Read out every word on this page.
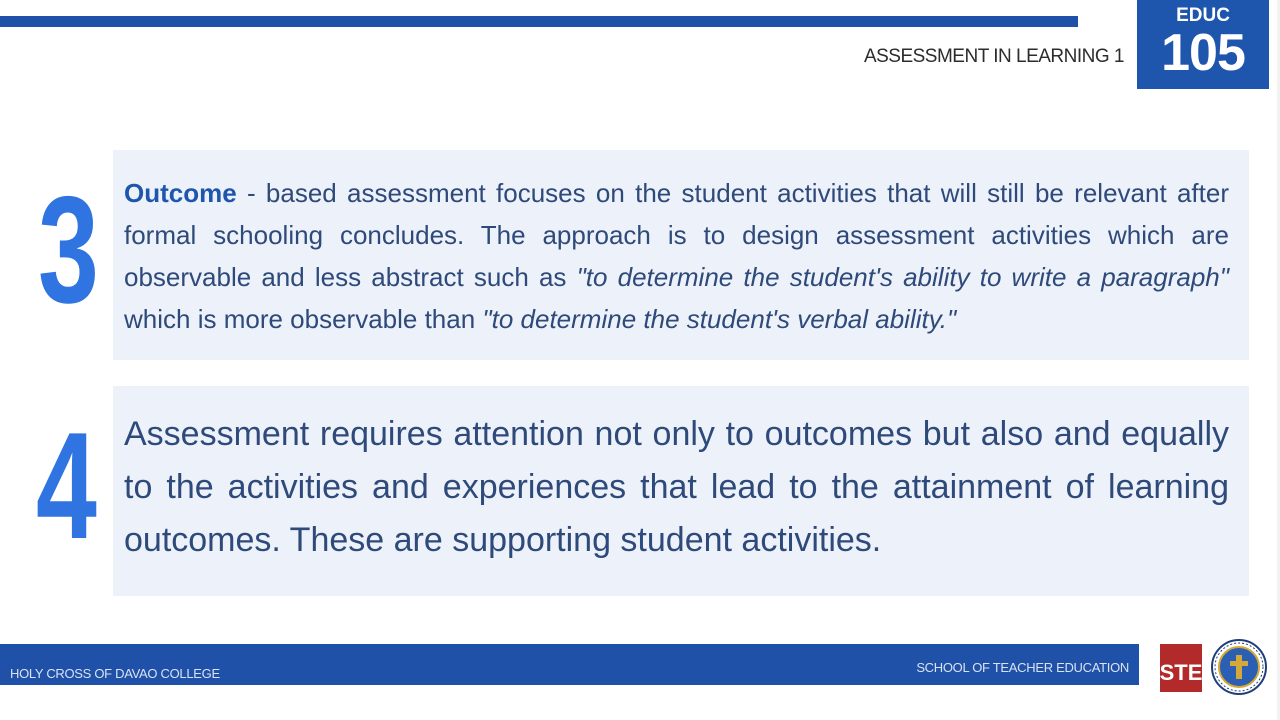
ASSESSMENT IN LEARNING 1
EDUC
105
Outcome - based assessment focuses on the student activities that will still be relevant after formal schooling concludes. The approach is to design assessment activities which are observable and less abstract such as "to determine the student's ability to write a paragraph" which is more observable than "to determine the student's verbal ability."
3
Assessment requires attention not only to outcomes but also and equally to the activities and experiences that lead to the attainment of learning outcomes. These are supporting student activities.
4
HOLY CROSS OF DAVAO COLLEGE	SCHOOL OF TEACHER EDUCATION STE
